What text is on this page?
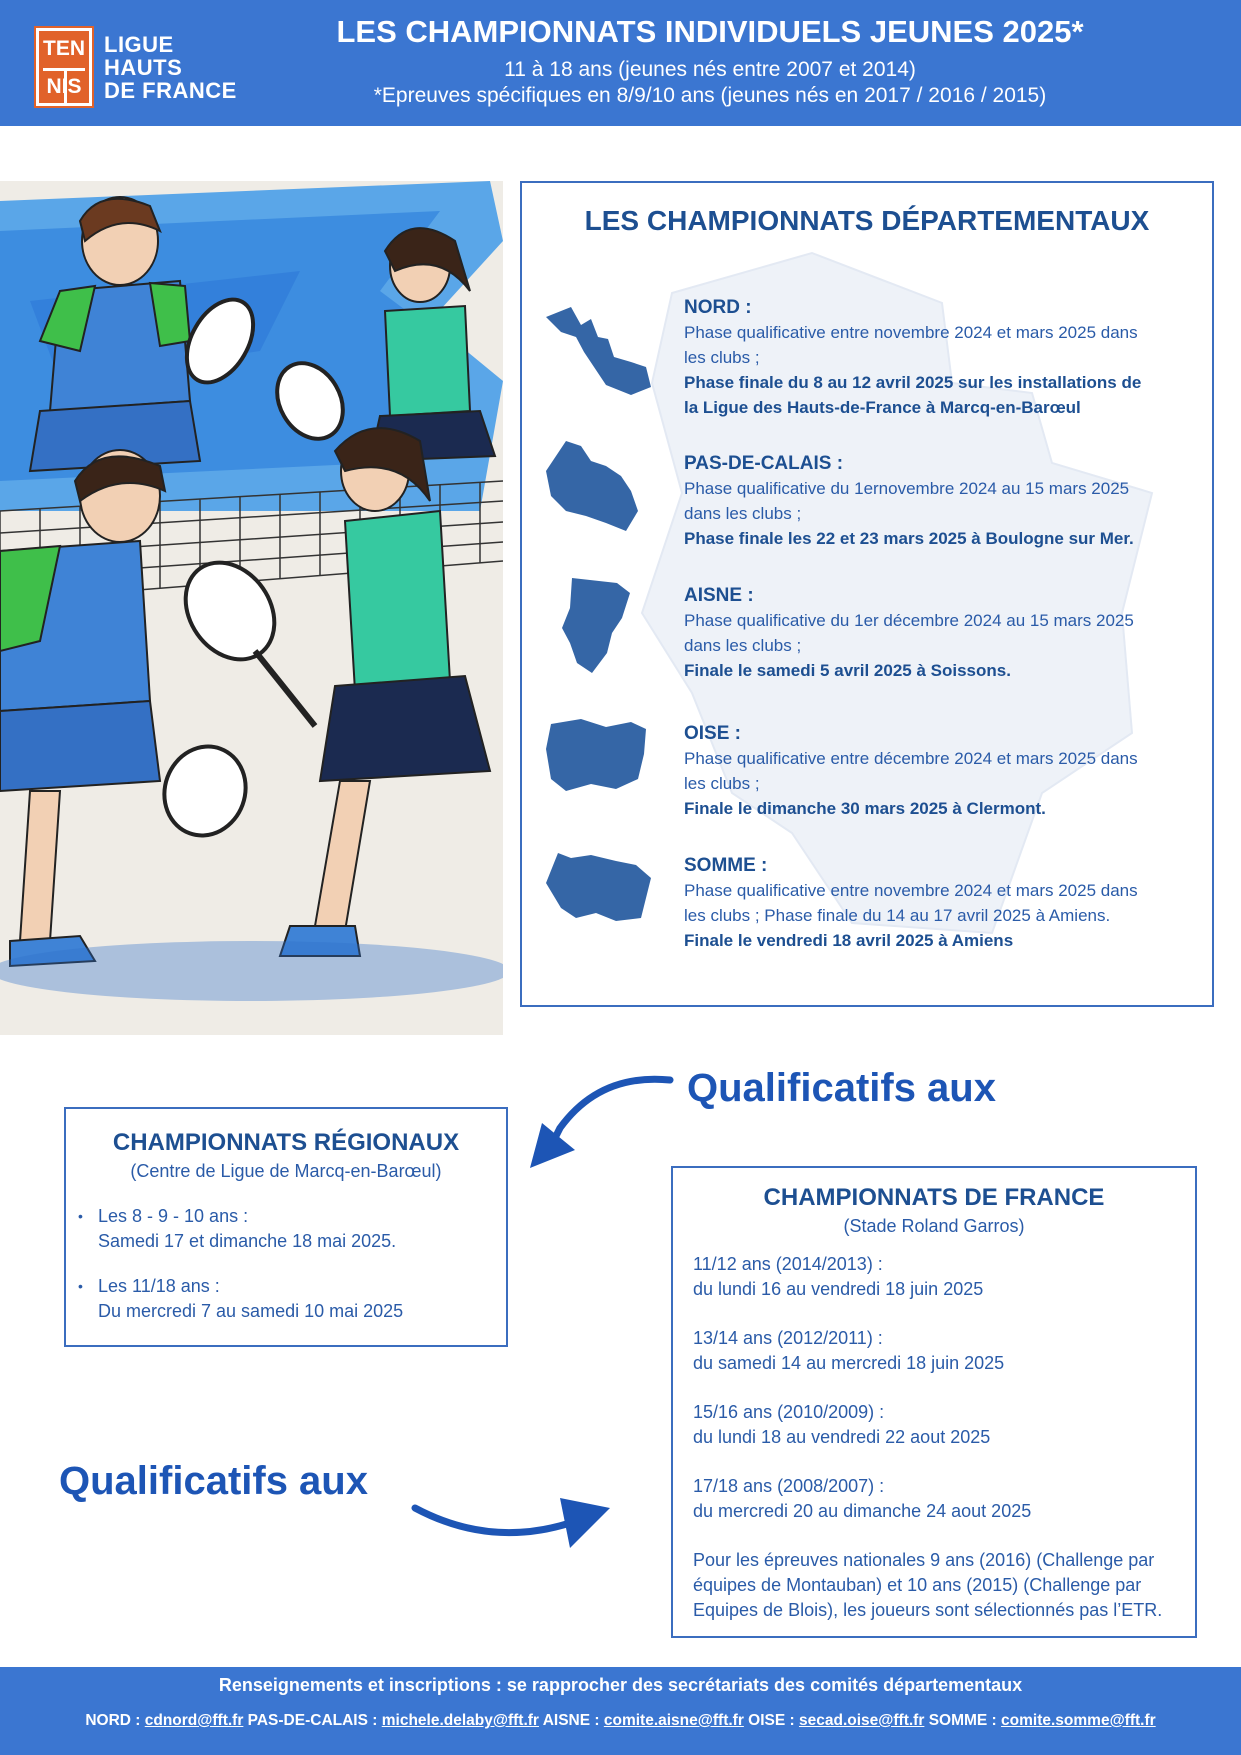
TEN
NIS
LIGUE
HAUTS
DE FRANCE
LES CHAMPIONNATS INDIVIDUELS JEUNES 2025*
11 à 18 ans (jeunes nés entre 2007 et 2014)
*Epreuves spécifiques en 8/9/10 ans (jeunes nés en 2017 / 2016 / 2015)
LES CHAMPIONNATS DÉPARTEMENTAUX
NORD :
Phase qualificative entre novembre 2024 et mars 2025 dans
les clubs ;
Phase finale du 8 au 12 avril 2025 sur les installations de
la Ligue des Hauts-de-France à Marcq-en-Barœul
PAS-DE-CALAIS :
Phase qualificative du 1ernovembre 2024 au 15 mars 2025
dans les clubs ;
Phase finale les 22 et 23 mars 2025 à Boulogne sur Mer.
AISNE :
Phase qualificative du 1er décembre 2024 au 15 mars 2025
dans les clubs ;
Finale le samedi 5 avril 2025 à Soissons.
OISE :
Phase qualificative entre décembre 2024 et mars 2025 dans
les clubs ;
Finale le dimanche 30 mars 2025 à Clermont.
SOMME :
Phase qualificative entre novembre 2024 et mars 2025 dans
les clubs ; Phase finale du 14 au 17 avril 2025 à Amiens.
Finale le vendredi 18 avril 2025 à Amiens
Qualificatifs aux
CHAMPIONNATS RÉGIONAUX
(Centre de Ligue de Marcq-en-Barœul)
• Les 8 - 9 - 10 ans :
Samedi 17 et dimanche 18 mai 2025.
• Les 11/18 ans :
Du mercredi 7 au samedi 10 mai 2025
Qualificatifs aux
CHAMPIONNATS DE FRANCE
(Stade Roland Garros)
11/12 ans (2014/2013) :
du lundi 16 au vendredi 18 juin 2025
13/14 ans (2012/2011) :
du samedi 14 au mercredi 18 juin 2025
15/16 ans (2010/2009) :
du lundi 18 au vendredi 22 aout 2025
17/18 ans (2008/2007) :
du mercredi 20 au dimanche 24 aout 2025
Pour les épreuves nationales 9 ans (2016) (Challenge par
équipes de Montauban) et 10 ans (2015) (Challenge par
Equipes de Blois), les joueurs sont sélectionnés pas l’ETR.
Renseignements et inscriptions : se rapprocher des secrétariats des comités départementaux
NORD : cdnord@fft.fr PAS-DE-CALAIS : michele.delaby@fft.fr AISNE : comite.aisne@fft.fr OISE : secad.oise@fft.fr SOMME : comite.somme@fft.fr
